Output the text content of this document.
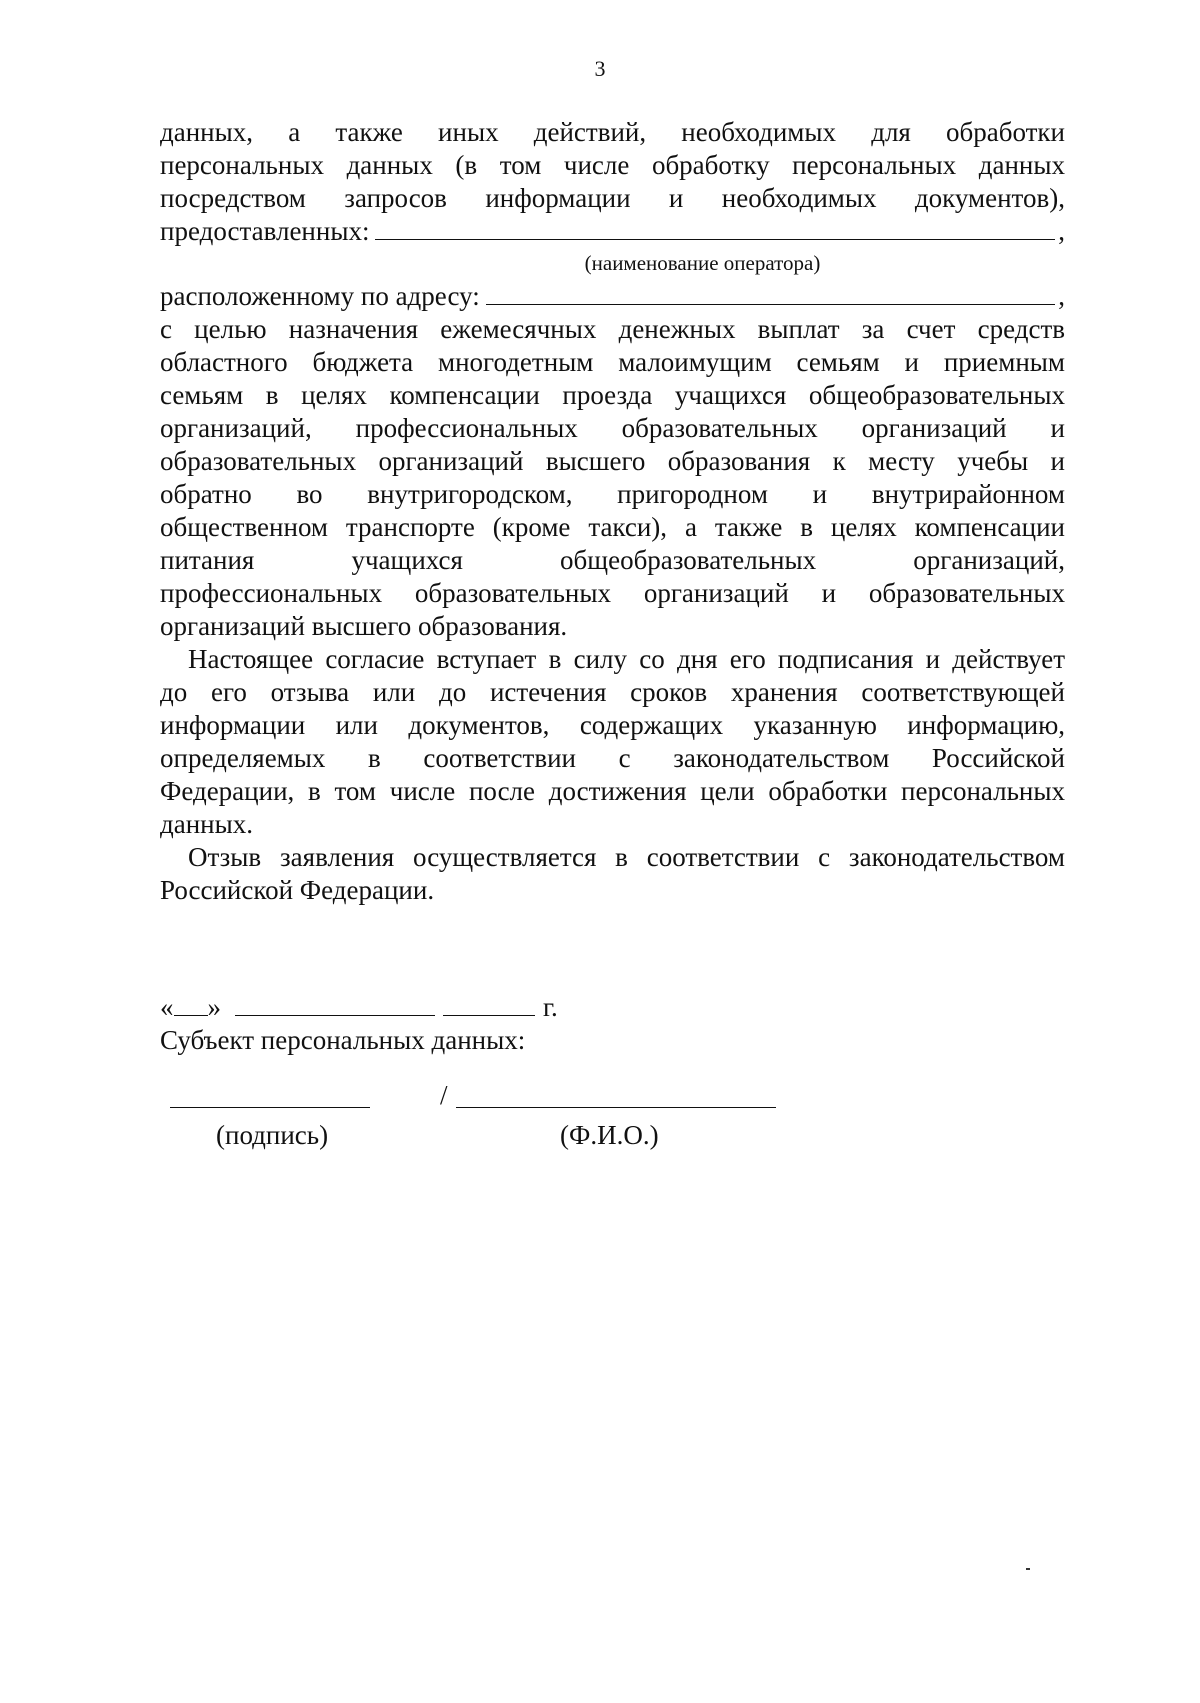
3

данных, а также иных действий, необходимых для обработки

персональных данных (в том числе обработку персональных данных

посредством запросов информации и необходимых документов),

предоставленных:	,
(наименование оператора)
расположенному по адресу:	,

с целью назначения ежемесячных денежных выплат за счет средств

областного бюджета многодетным малоимущим семьям и приемным

семьям в целях компенсации проезда учащихся общеобразовательных

организаций, профессиональных образовательных организаций и

образовательных организаций высшего образования к месту учебы и

обратно во внутригородском, пригородном и внутрирайонном

общественном транспорте (кроме такси), а также в целях компенсации

питания учащихся общеобразовательных организаций,

профессиональных образовательных организаций и образовательных

организаций высшего образования.

Настоящее согласие вступает в силу со дня его подписания и действует

до его отзыва или до истечения сроков хранения соответствующей

информации или документов, содержащих указанную информацию,

определяемых в соответствии с законодательством Российской

Федерации, в том числе после достижения цели обработки персональных

данных.

Отзыв заявления осуществляется в соответствии с законодательством

Российской Федерации.

« »	г.

Субъект персональных данных:

/
(подпись)	(Ф.И.О.)
